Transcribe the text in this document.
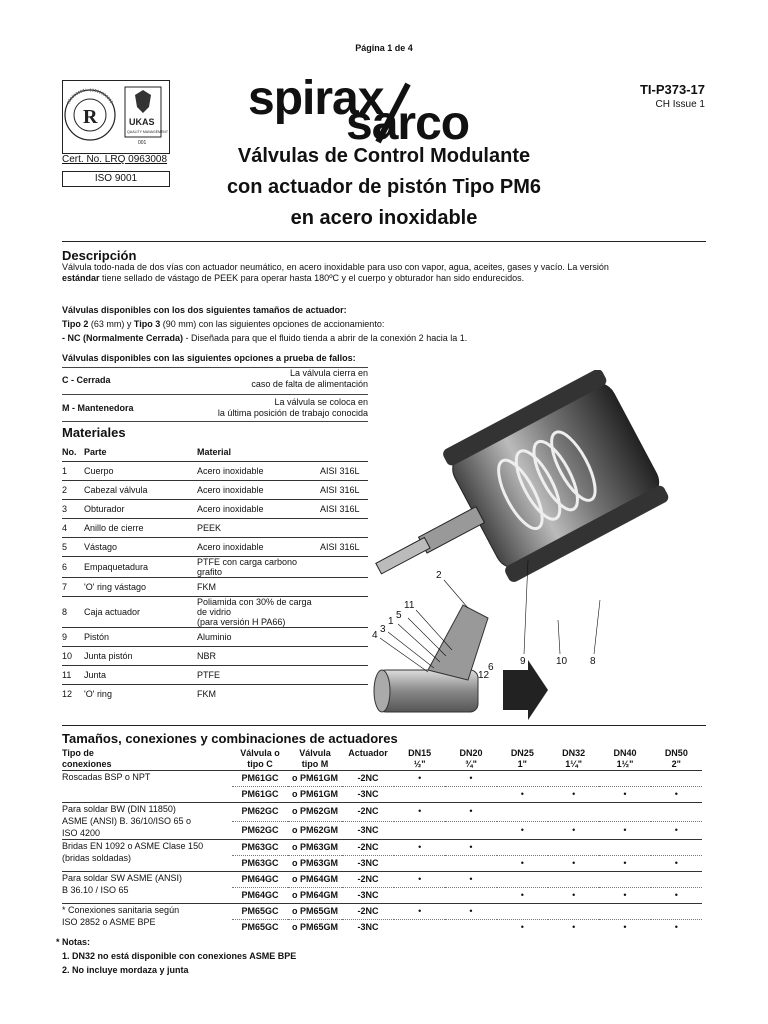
Página 1 de 4
R	UKAS
QUALITY MANAGEMENT
001
Cert. No. LRQ 0963008
ISO 9001
spirax
sarco
TI-P373-17
CH Issue 1
Válvulas de Control Modulante
con actuador de pistón Tipo PM6
en acero inoxidable
Descripción
Válvula todo-nada de dos vías con actuador neumático, en acero inoxidable para uso con vapor, agua, aceites, gases y vacío. La versión
estándar tiene sellado de vástago de PEEK para operar hasta 180ºC y el cuerpo y obturador han sido endurecidos.
Válvulas disponibles con los dos siguientes tamaños de actuador:
Tipo 2 (63 mm) y Tipo 3 (90 mm) con las siguientes opciones de accionamiento:
- NC (Normalmente Cerrada) - Diseñada para que el fluido tienda a abrir de la conexión 2 hacia la 1.
Válvulas disponibles con las siguientes opciones a prueba de fallos:
C - Cerrada
La válvula cierra en
caso de falta de alimentación
M - Mantenedora
La válvula se coloca en
la última posición de trabajo conocida
Materiales
No.	Parte	Material	
1	Cuerpo	Acero inoxidable	AISI 316L
2	Cabezal válvula	Acero inoxidable	AISI 316L
3	Obturador	Acero inoxidable	AISI 316L
4	Anillo de cierre	PEEK	
5	Vástago	Acero inoxidable	AISI 316L
6	Empaquetadura	PTFE con carga carbono grafito	
7	'O' ring vástago	FKM	
8	Caja actuador	Poliamida con 30% de carga de vidrio
(para versión H PA66)	
9	Pistón	Aluminio	
10	Junta pistón	NBR	
11	Junta	PTFE	
12	'O' ring	FKM	
2
11
5
1
3
4
6
12
9	10 8
Tamaños, conexiones y combinaciones de actuadores
Tipo de
conexiones	Válvula o
tipo C	Válvula
tipo M	Actuador	DN15
½"	DN20
¾"	DN25
1"	DN32
1¼"	DN40
1½"	DN50
2"
Roscadas BSP o NPT	PM61GC	o PM61GM	-2NC	•	•				
	PM61GC	o PM61GM	-3NC			•	•	•	•
Para soldar BW (DIN 11850)
ASME (ANSI) B. 36/10/ISO 65 o
ISO 4200	PM62GC	o PM62GM	-2NC	•	•				
	PM62GC	o PM62GM	-3NC			•	•	•	•
Bridas EN 1092 o ASME Clase 150
(bridas soldadas)	PM63GC	o PM63GM	-2NC	•	•				
	PM63GC	o PM63GM	-3NC			•	•	•	•
Para soldar SW ASME (ANSI)
B 36.10 / ISO 65	PM64GC	o PM64GM	-2NC	•	•				
	PM64GC	o PM64GM	-3NC			•	•	•	•
* Conexiones sanitaria según
ISO 2852 o ASME BPE	PM65GC	o PM65GM	-2NC	•	•				
	PM65GC	o PM65GM	-3NC			•	•	•	•
* Notas:
1. DN32 no está disponible con conexiones ASME BPE
2. No incluye mordaza y junta
